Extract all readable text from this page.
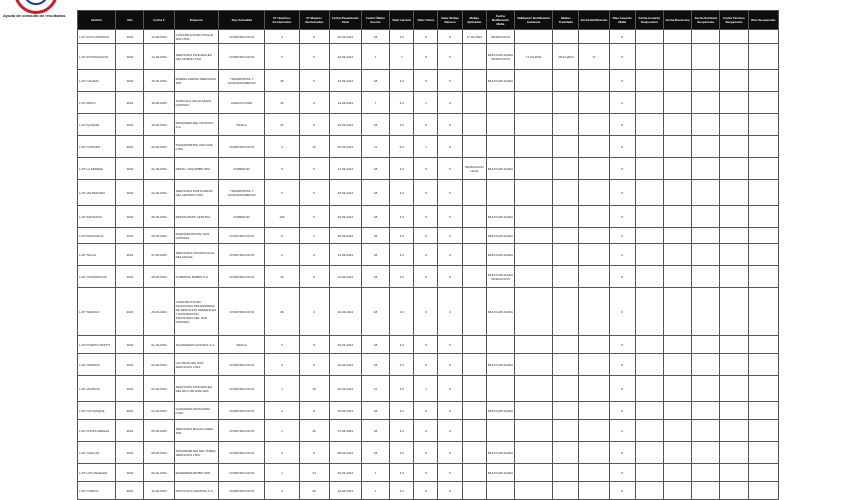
Ayuda de consulta de resultados
Distrito	Año	Fecha F	Empresa	Tipo Actividad	N° Hombres Involucrados	N° Mujeres Involucradas	Fecha Pasamiento Final	Fecha Último Evento	Valor Hechos	Valor Cierre	Valor Multas Número	Multas Aplicadas	Fecha Notificación Multa	Validación Notificación Instancia	Multas Tramitada	Fecha Notificación	Días Acuerdo Multa	Fecha Acuerdo Suspensión	Fecha Reversión	Fecha Solicitud Suspensión	Fecha Término Suspensión	Días Suspensión
L-DT ALTO HOSPICIO	2024	12-03-2024	CONSTRUCTORA OVALLE SPA LTDA	CONSTRUCCION	4	0	20-03-2024	18	3.0	9	0	17-04-2024	INFRACCION				0					
L-DT ANTOFAGASTA	2024	14-03-2024	SERVICIOS INTEGRALES DEL NORTE LTDA	CONSTRUCCION	3	0	22-03-2024	1	7	8	0		MULTA APLICADA INFRACCION	17-04-2024	28-04-2024	17	0					
L-DT CALAMA	2024	15-03-2024	MINERA ANDINA SERVICIOS SPA	TRANSPORTE Y ALMACENAMIENTO	28	0	23-03-2024	18	3.0	9	0		MULTA APLICADA				0					
L-DT ARICA	2024	18-03-2024	AGRICOLA VALLE AZAPA LIMITADA	AGRICULTURA	26	0	24-03-2024	7	4.0	1	0						0					
L-DT IQUIQUE	2024	19-03-2024	PESQUERA DEL PACIFICO S.A.	PESCA	21	0	25-03-2024	18	3.0	9	0						0					
L-DT COPIAPO	2024	20-03-2024	TRANSPORTES ATACAMA LTDA	CONSTRUCCION	4	12	26-03-2024	11	5.0	1	0						0					
L-DT LA SERENA	2024	21-03-2024	RETAIL COQUIMBO SPA	COMERCIO	9	0	27-03-2024	18	3.0	9	0	INFRACCION LEVE	MULTA APLICADA				0					
L-DT VALPARAISO	2024	22-03-2024	SERVICIOS PORTUARIOS DEL CENTRO LTDA	TRANSPORTE Y ALMACENAMIENTO	3	0	28-03-2024	18	3.0	9	0						0					
L-DT SANTIAGO	2024	25-03-2024	RESTAURANT CENTRAL	COMERCIO	103	0	29-03-2024	18	4.0	9	0		MULTA APLICADA				0					
L-DT RANCAGUA	2024	26-03-2024	AGROINDUSTRIAL SUR LIMITADA	CONSTRUCCION	8	4	30-03-2024	18	3.0	9	0		MULTA APLICADA				0					
L-DT TALCA	2024	27-03-2024	SERVICIOS VITIVINICOLAS DEL MAULE	CONSTRUCCION	3	0	31-03-2024	18	3.0	9	0		MULTA APLICADA				0					
L-DT CONCEPCION	2024	28-03-2024	FORESTAL BIOBIO S.A.	CONSTRUCCION	10	0	01-04-2024	18	3.0	9	0		MULTA APLICADA INFRACCION				0					
L-DT TEMUCO	2024	29-03-2024	CONSTRUCTORA ARAUCANIA SPA EMPRESA DE SERVICIOS GENERALES Y MANTENCION INDUSTRIAL DEL SUR LIMITADA	CONSTRUCCION	28	0	02-04-2024	18	3.0	9	0		MULTA APLICADA				0					
L-DT PUERTO MONTT	2024	01-04-2024	SALMONERA AUSTRAL S.A.	PESCA	4	8	03-04-2024	18	3.0	9	0						0					
L-DT OSORNO	2024	02-04-2024	LACTEOS DEL SUR SERVICIOS LTDA	CONSTRUCCION	2	0	04-04-2024	18	2.0	9	0		MULTA APLICADA				0					
L-DT VALDIVIA	2024	03-04-2024	SERVICIOS INTEGRALES DEL RIO LIMITADA SPA	CONSTRUCCION	1	10	05-04-2024	11	4.0	1	0						0					
L-DT COYHAIQUE	2024	04-04-2024	GANADERA PATAGONIA LTDA	CONSTRUCCION	2	8	06-04-2024	18	3.0	9	0		MULTA APLICADA				0					
L-DT PUNTA ARENAS	2024	05-04-2024	SERVICIOS MAGALLANES SPA	CONSTRUCCION	1	20	07-04-2024	18	3.0	9	0						0					
L-DT CHILLAN	2024	08-04-2024	TRANSPORTES DEL ÑUBLE SERVICIOS LTDA	CONSTRUCCION	3	0	08-04-2024	18	3.0	9	0		MULTA APLICADA				0					
L-DT LOS ANGELES	2024	09-04-2024	MADERERA BIOBIO SPA	CONSTRUCCION	1	24	09-04-2024	1	4.0	9	0		MULTA APLICADA				0					
L-DT CURICO	2024	10-04-2024	FRUTICOLA CENTRAL S.A.	CONSTRUCCION	3	20	10-04-2024	1	4.0	9	0						0					
